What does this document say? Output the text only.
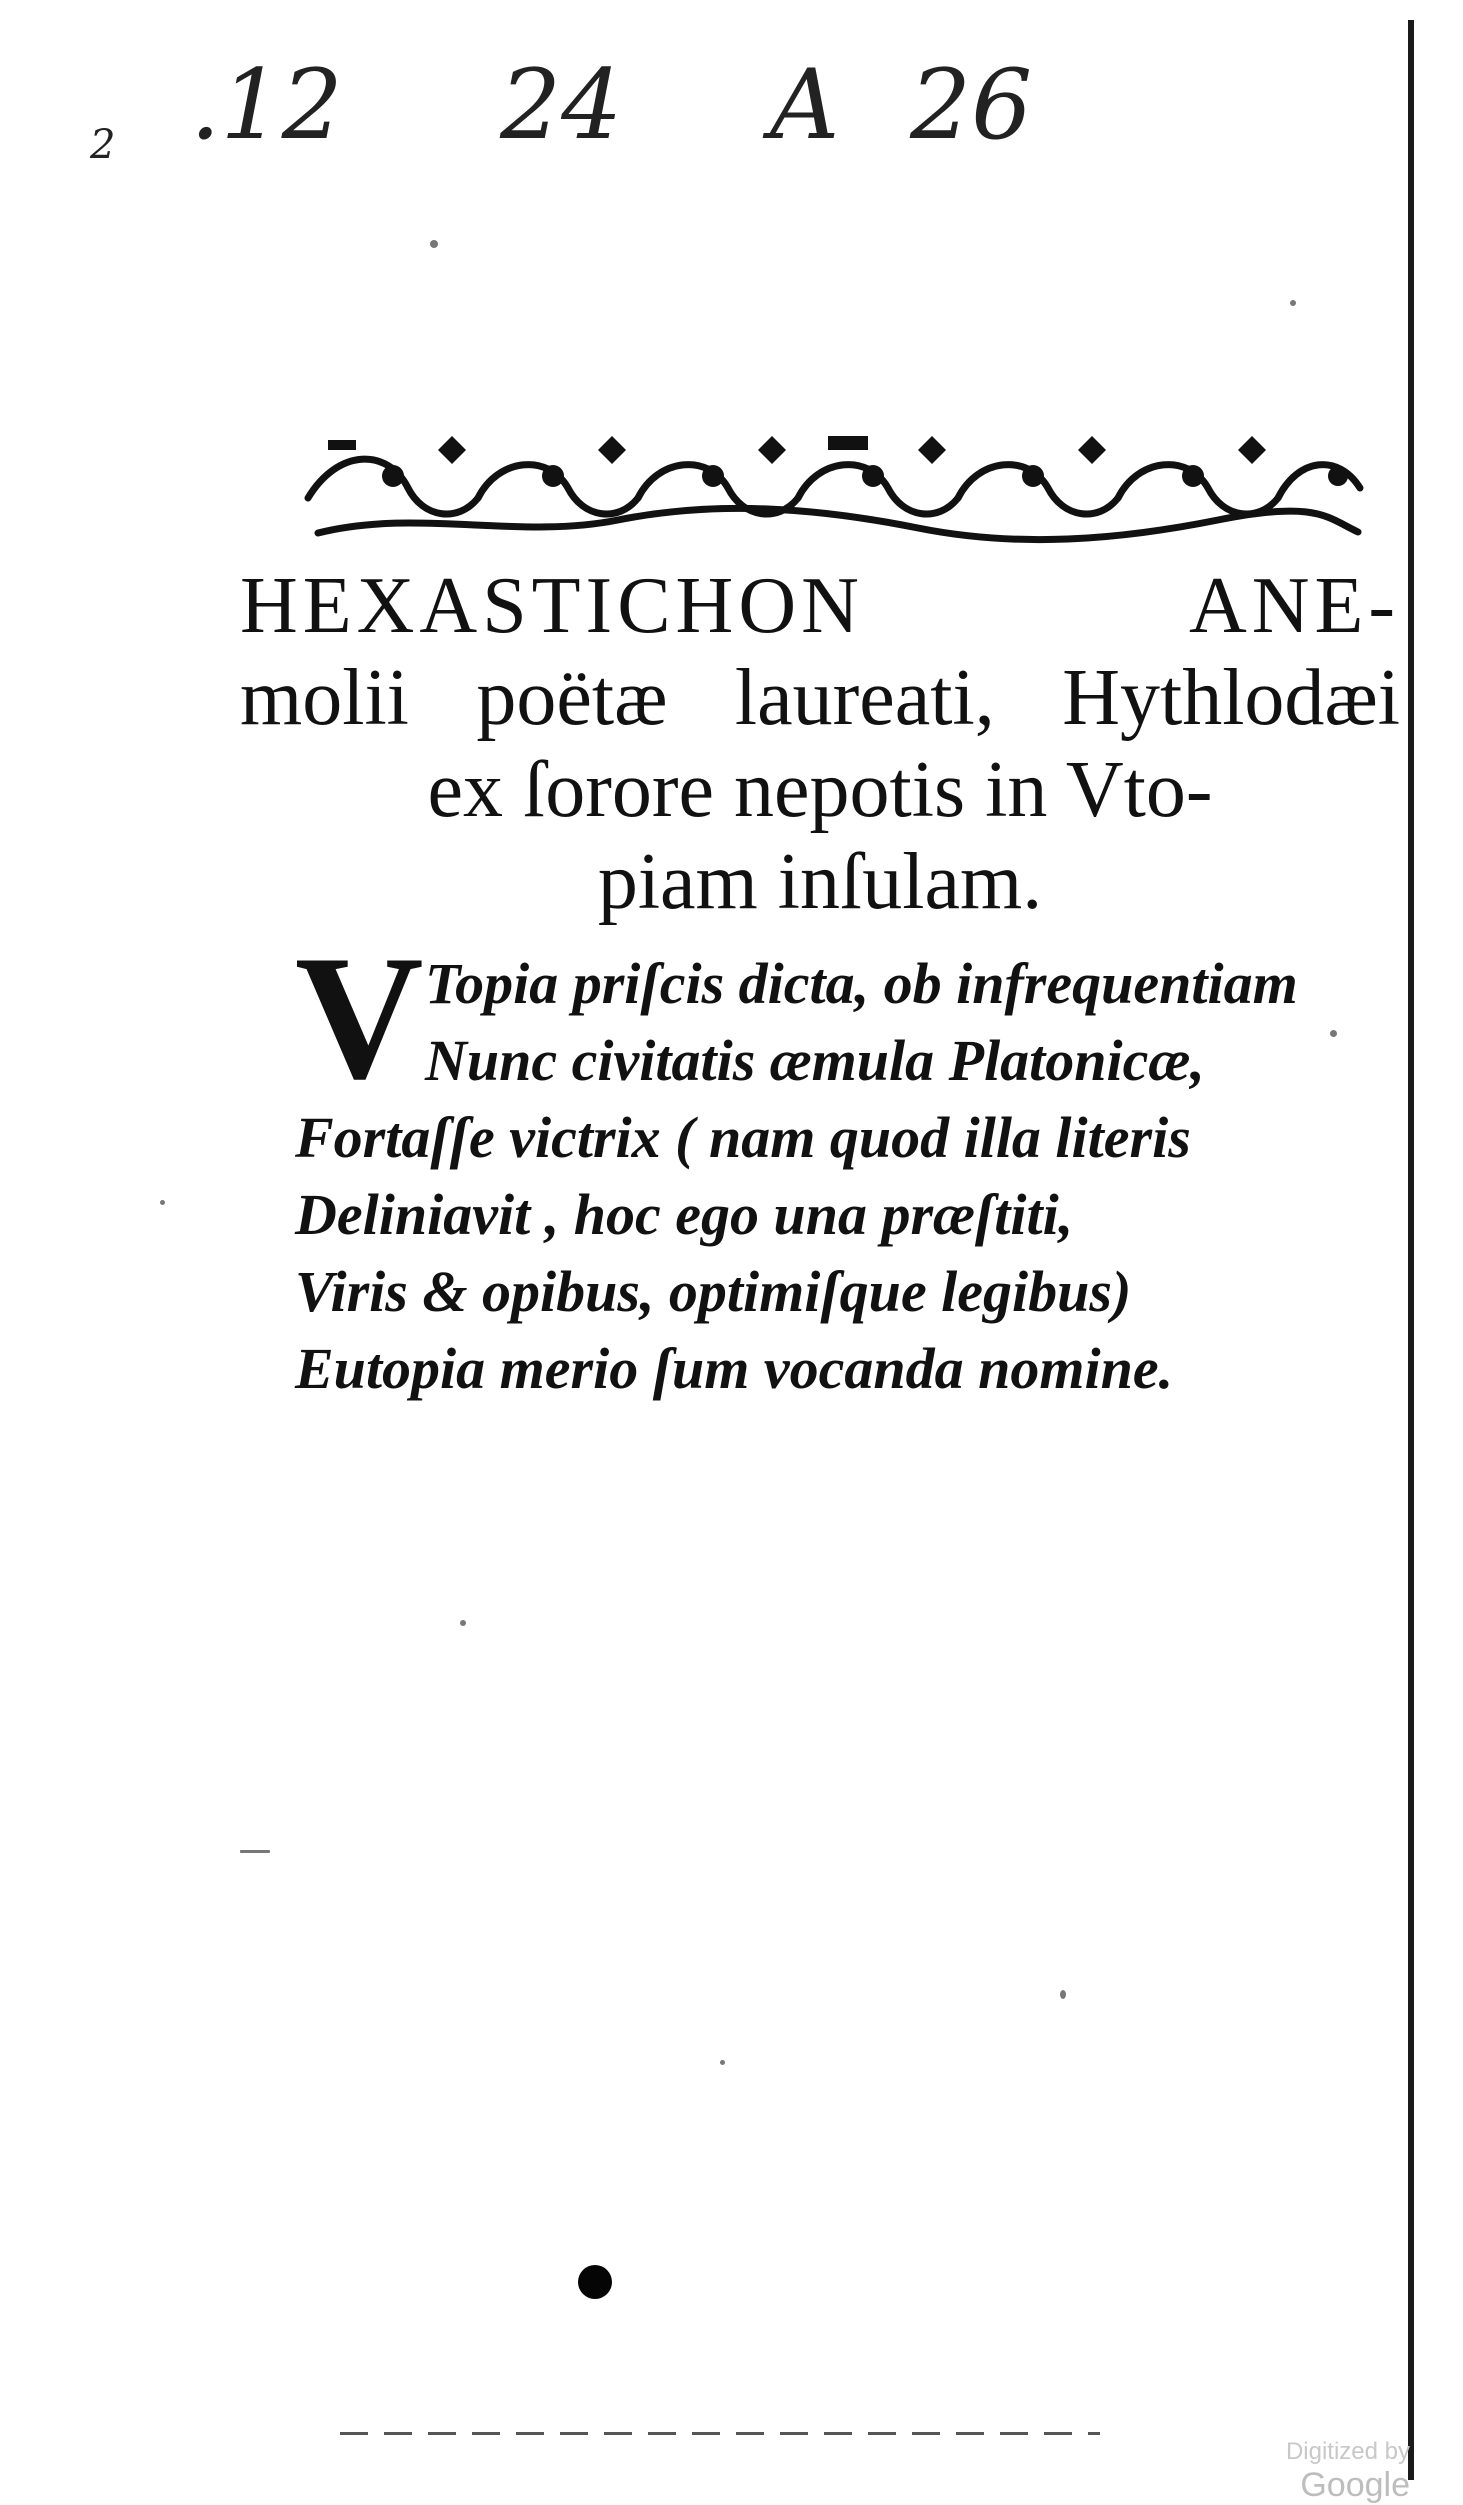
2 .12 24 A 26
HEXASTICHON ANE-
molii poëtæ laureati, Hythlodæi
ex ſorore nepotis in Vto-
piam inſulam.
V Topia priſcis dicta, ob infrequentiam
Nunc civitatis æmula Platonicæ,
Fortaſſe victrix ( nam quod illa literis
Deliniavit , hoc ego una præſtiti,
Viris & opibus, optimiſque legibus)
Eutopia merio ſum vocanda nomine.
Digitized by Google
